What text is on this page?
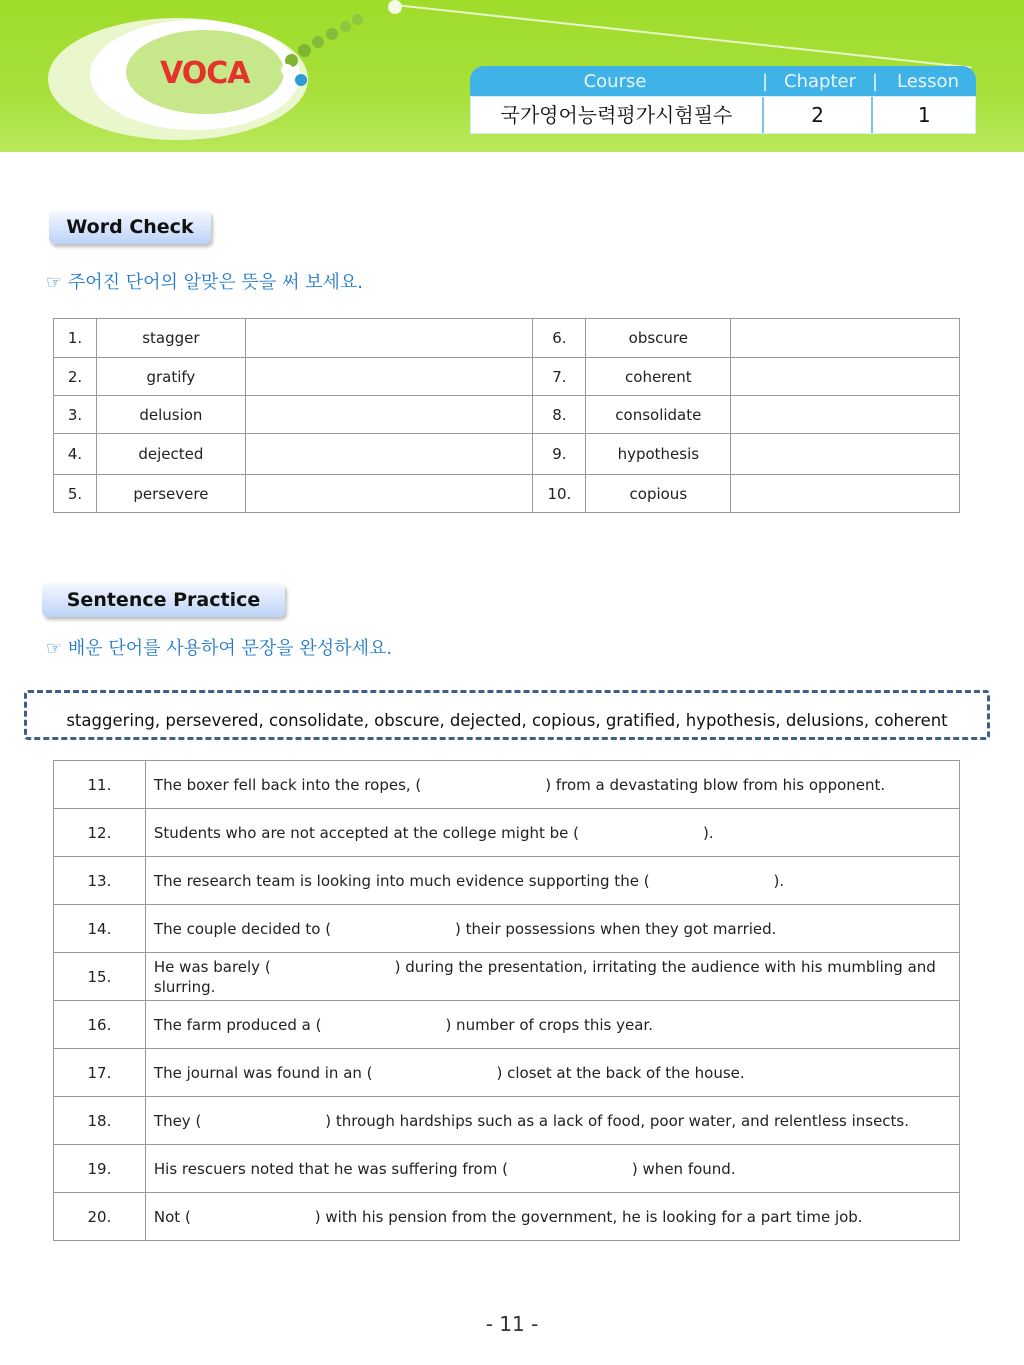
VOCA	Course	| Chapter |	Lesson
국가영어능력평가시험필수	2	1
Word Check
☞ 주어진 단어의 알맞은 뜻을 써 보세요.
1.	stagger		6.	obscure	
2.	gratify		7.	coherent	
3.	delusion		8.	consolidate	
4.	dejected		9.	hypothesis	
5.	persevere		10.	copious	
Sentence Practice
☞ 배운 단어를 사용하여 문장을 완성하세요.
staggering, persevered, consolidate, obscure, dejected, copious, gratified, hypothesis, delusions, coherent
11.	The boxer fell back into the ropes, (                          ) from a devastating blow from his opponent.
12.	Students who are not accepted at the college might be (                          ).
13.	The research team is looking into much evidence supporting the (                          ).
14.	The couple decided to (                          ) their possessions when they got married.
15.	He was barely (                          ) during the presentation, irritating the audience with his mumbling and slurring.
16.	The farm produced a (                          ) number of crops this year.
17.	The journal was found in an (                          ) closet at the back of the house.
18.	They (                          ) through hardships such as a lack of food, poor water, and relentless insects.
19.	His rescuers noted that he was suffering from (                          ) when found.
20.	Not (                          ) with his pension from the government, he is looking for a part time job.
- 11 -
